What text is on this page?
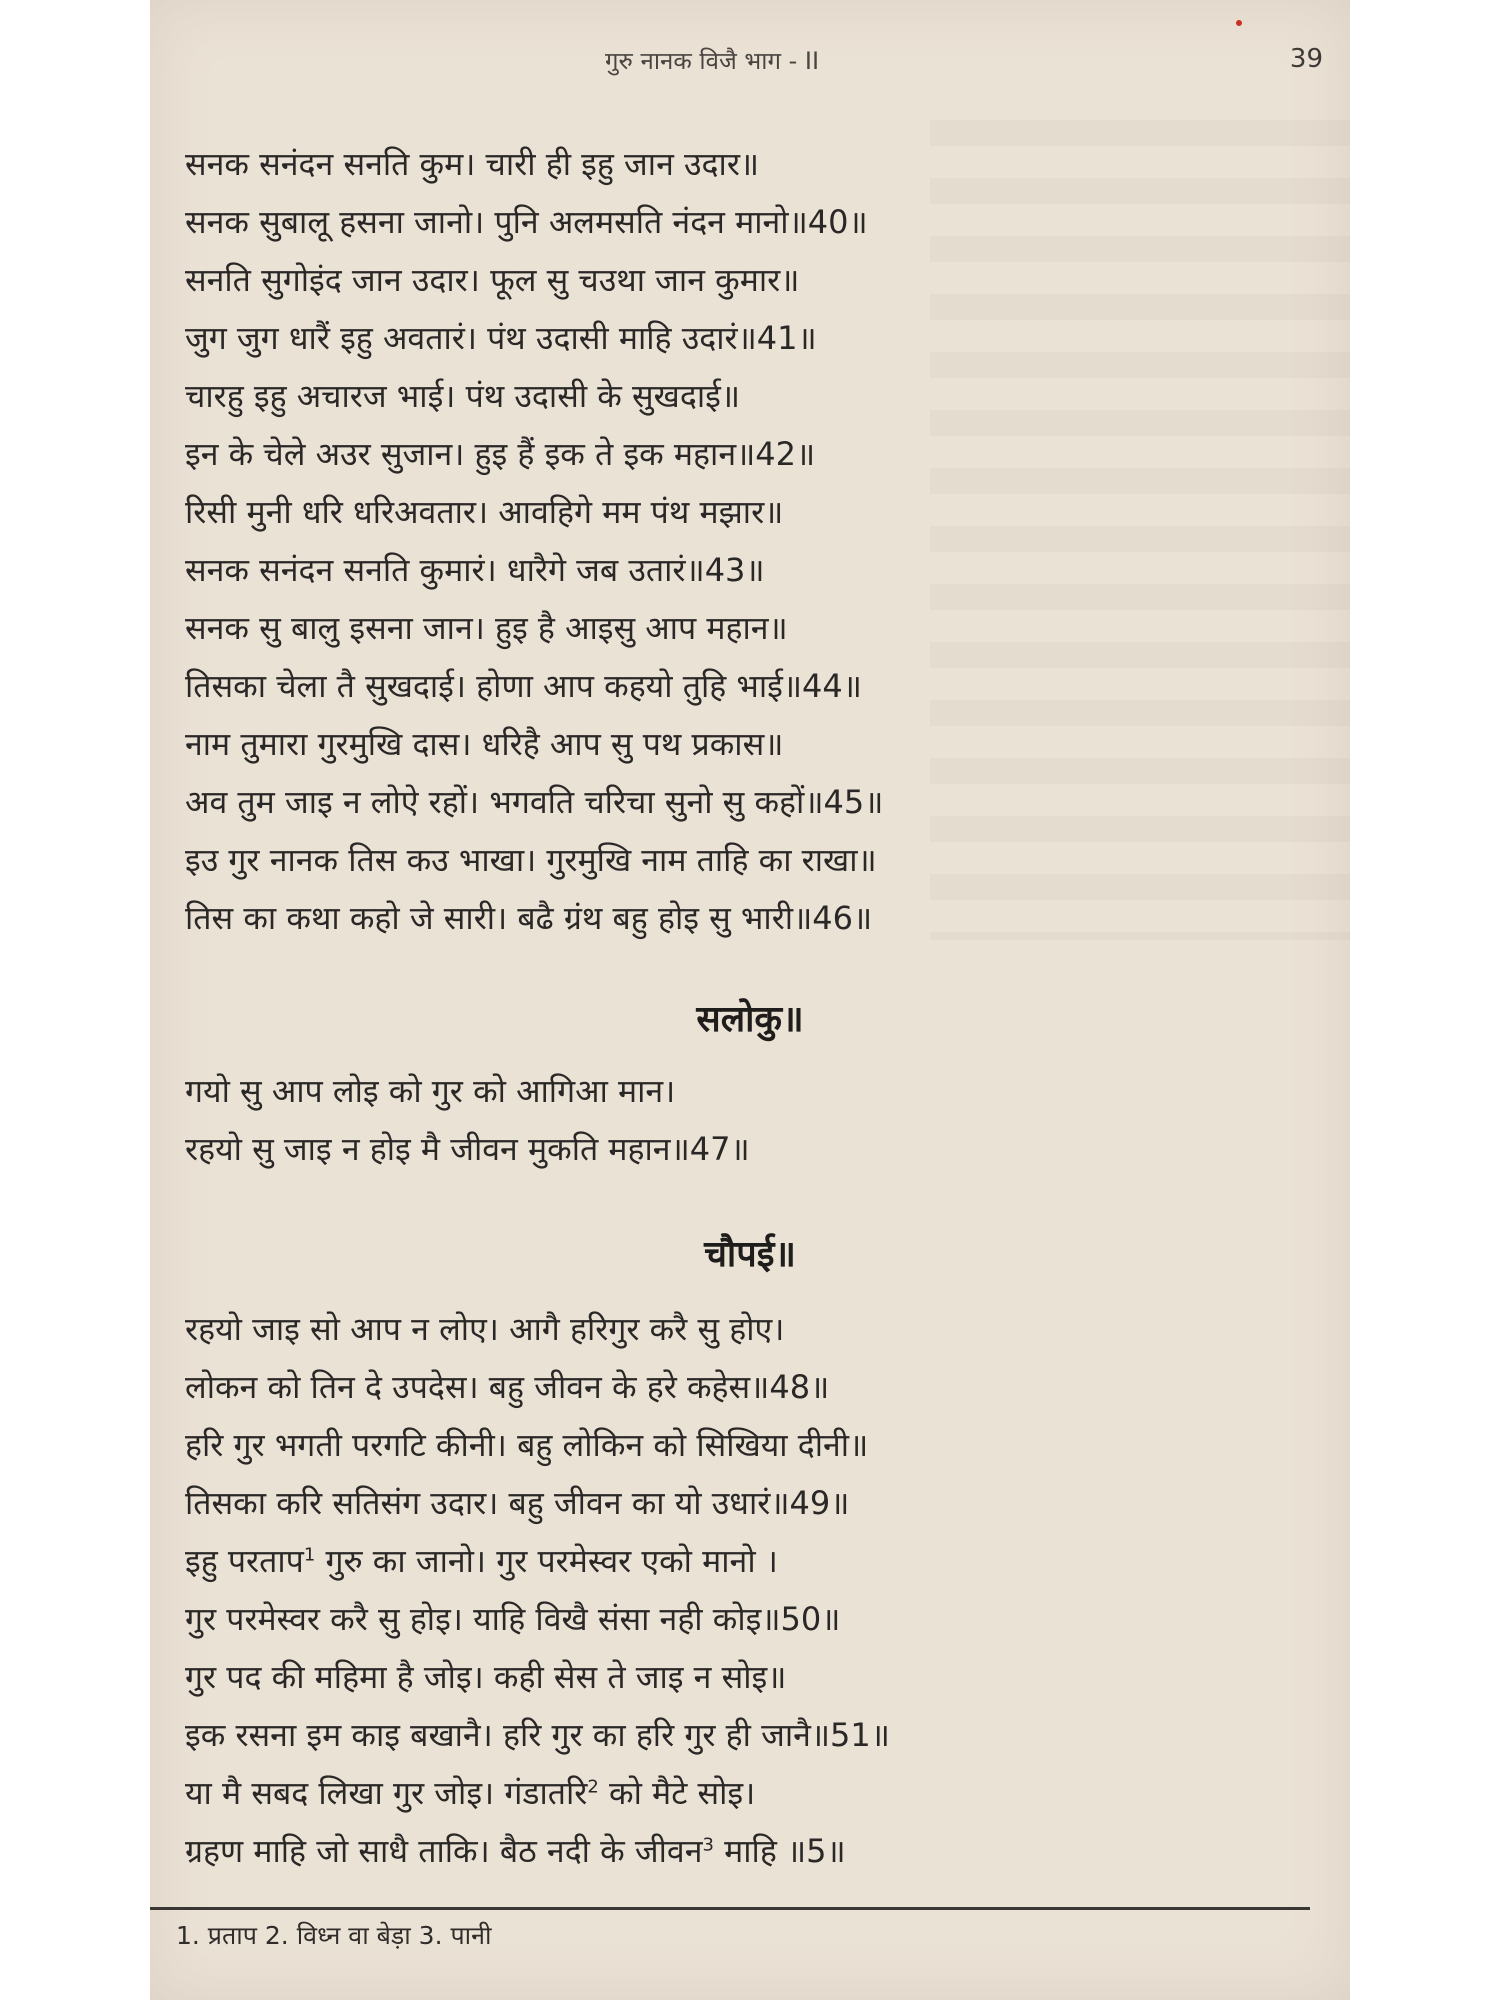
गुरु नानक विजै भाग - II	39
सनक सनंदन सनति कुम। चारी ही इहु जान उदार॥
सनक सुबालू हसना जानो। पुनि अलमसति नंदन मानो॥40॥
सनति सुगोइंद जान उदार। फूल सु चउथा जान कुमार॥
जुग जुग धारैं इहु अवतारं। पंथ उदासी माहि उदारं॥41॥
चारहु इहु अचारज भाई। पंथ उदासी के सुखदाई॥
इन के चेले अउर सुजान। हुइ हैं इक ते इक महान॥42॥
रिसी मुनी धरि धरिअवतार। आवहिगे मम पंथ मझार॥
सनक सनंदन सनति कुमारं। धारैगे जब उतारं॥43॥
सनक सु बालु इसना जान। हुइ है आइसु आप महान॥
तिसका चेला तै सुखदाई। होणा आप कहयो तुहि भाई॥44॥
नाम तुमारा गुरमुखि दास। धरिहै आप सु पथ प्रकास॥
अव तुम जाइ न लोऐ रहों। भगवति चरिचा सुनो सु कहों॥45॥
इउ गुर नानक तिस कउ भाखा। गुरमुखि नाम ताहि का राखा॥
तिस का कथा कहो जे सारी। बढै ग्रंथ बहु होइ सु भारी॥46॥
सलोकु॥
गयो सु आप लोइ को गुर को आगिआ मान।
रहयो सु जाइ न होइ मै जीवन मुकति महान॥47॥
चौपई॥
रहयो जाइ सो आप न लोए। आगै हरिगुर करै सु होए।
लोकन को तिन दे उपदेस। बहु जीवन के हरे कहेस॥48॥
हरि गुर भगती परगटि कीनी। बहु लोकिन को सिखिया दीनी॥
तिसका करि सतिसंग उदार। बहु जीवन का यो उधारं॥49॥
इहु परताप$^1$ गुरु का जानो। गुर परमेस्वर एको मानो ।
गुर परमेस्वर करै सु होइ। याहि विखै संसा नही कोइ॥50॥
गुर पद की महिमा है जोइ। कही सेस ते जाइ न सोइ॥
इक रसना इम काइ बखानै। हरि गुर का हरि गुर ही जानै॥51॥
या मै सबद लिखा गुर जोइ। गंडातरि$^2$ को मैटे सोइ।
ग्रहण माहि जो साधै ताकि। बैठ नदी के जीवन$^3$ माहि ॥5॥
1. प्रताप 2. विध्न वा बेड़ा 3. पानी
